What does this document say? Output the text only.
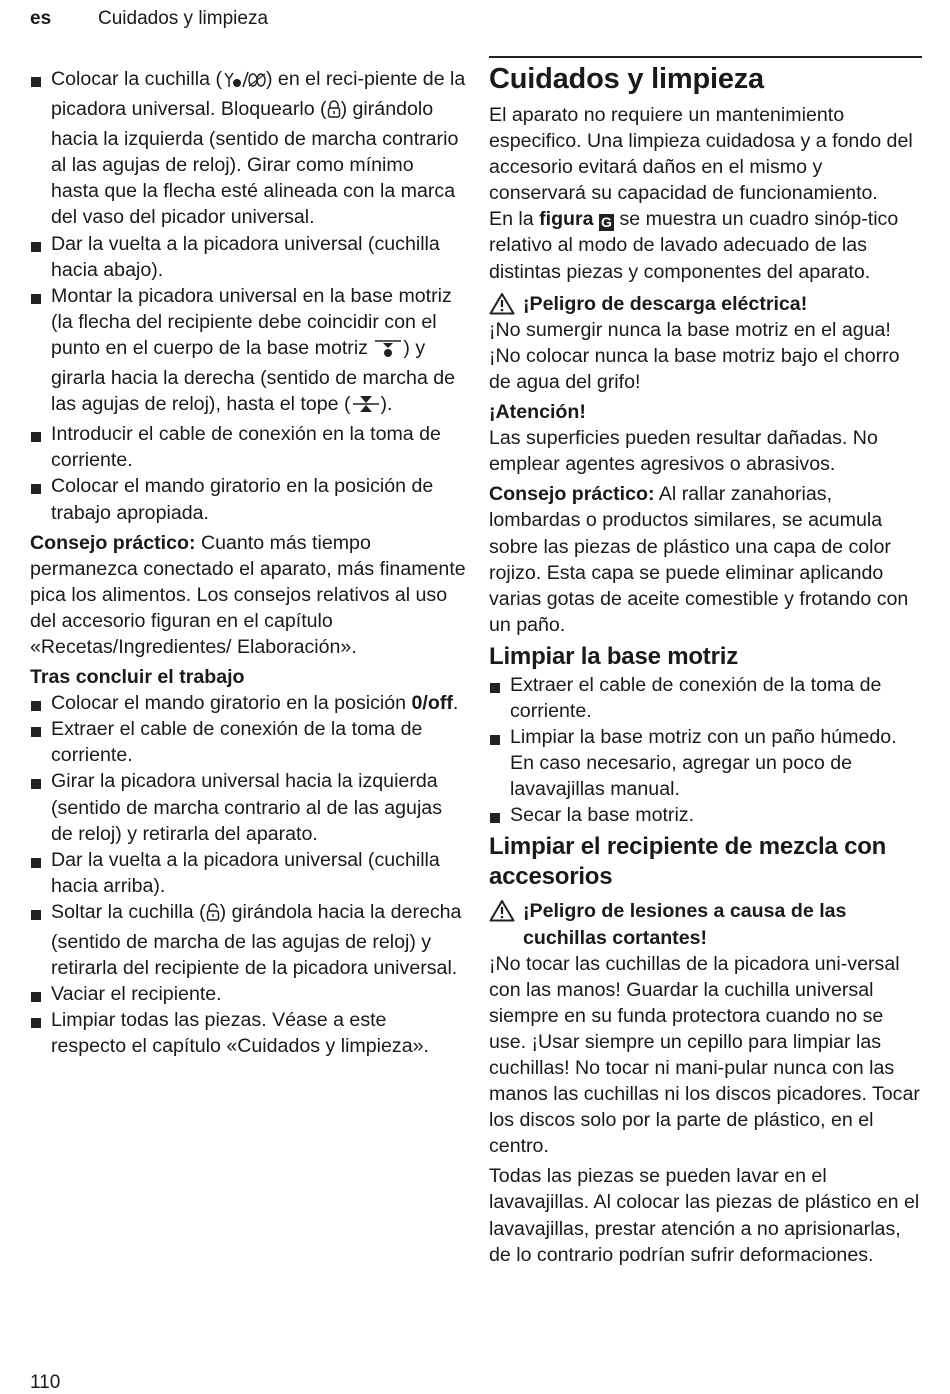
es Cuidados y limpieza
Colocar la cuchilla ( ) en el reci-piente de la picadora universal. Bloquearlo ( ) girándolo hacia la izquierda (sentido de marcha contrario al las agujas de reloj). Girar como mínimo hasta que la flecha esté alineada con la marca del vaso del picador universal.
Dar la vuelta a la picadora universal (cuchilla hacia abajo).
Montar la picadora universal en la base motriz (la flecha del recipiente debe coincidir con el punto en el cuerpo de la base motriz ) y girarla hacia la derecha (sentido de marcha de las agujas de reloj), hasta el tope ( ).
Introducir el cable de conexión en la toma de corriente.
Colocar el mando giratorio en la posición de trabajo apropiada.

Consejo práctico: Cuanto más tiempo permanezca conectado el aparato, más finamente pica los alimentos. Los consejos relativos al uso del accesorio figuran en el capítulo «Recetas/Ingredientes/ Elaboración».

Tras concluir el trabajo

Colocar el mando giratorio en la posición 0/off.
Extraer el cable de conexión de la toma de corriente.
Girar la picadora universal hacia la izquierda (sentido de marcha contrario al de las agujas de reloj) y retirarla del aparato.
Dar la vuelta a la picadora universal (cuchilla hacia arriba).
Soltar la cuchilla ( ) girándola hacia la derecha (sentido de marcha de las agujas de reloj) y retirarla del recipiente de la picadora universal.
Vaciar el recipiente.
Limpiar todas las piezas. Véase a este respecto el capítulo «Cuidados y limpieza».
Cuidados y limpieza

El aparato no requiere un mantenimiento especifico. Una limpieza cuidadosa y a fondo del accesorio evitará daños en el mismo y conservará su capacidad de funcionamiento.

En la figura G se muestra un cuadro sinóp-tico relativo al modo de lavado adecuado de las distintas piezas y componentes del aparato.

¡Peligro de descarga eléctrica!

¡No sumergir nunca la base motriz en el agua! ¡No colocar nunca la base motriz bajo el chorro de agua del grifo!

¡Atención!

Las superficies pueden resultar dañadas. No emplear agentes agresivos o abrasivos.

Consejo práctico: Al rallar zanahorias, lombardas o productos similares, se acumula sobre las piezas de plástico una capa de color rojizo. Esta capa se puede eliminar aplicando varias gotas de aceite comestible y frotando con un paño.

Limpiar la base motriz
Extraer el cable de conexión de la toma de corriente.
Limpiar la base motriz con un paño húmedo. En caso necesario, agregar un poco de lavavajillas manual.
Secar la base motriz.
Limpiar el recipiente de mezcla con accesorios
¡Peligro de lesiones a causa de las cuchillas cortantes!

¡No tocar las cuchillas de la picadora uni-versal con las manos! Guardar la cuchilla universal siempre en su funda protectora cuando no se use. ¡Usar siempre un cepillo para limpiar las cuchillas! No tocar ni mani-pular nunca con las manos las cuchillas ni los discos picadores. Tocar los discos solo por la parte de plástico, en el centro.

Todas las piezas se pueden lavar en el lavavajillas. Al colocar las piezas de plástico en el lavavajillas, prestar atención a no aprisionarlas, de lo contrario podrían sufrir deformaciones.

110
